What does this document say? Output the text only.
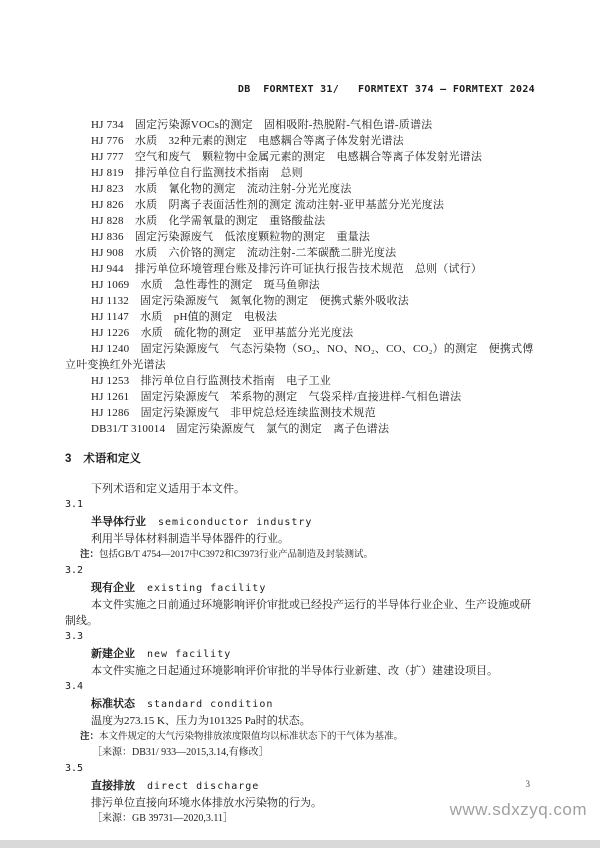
DB  FORMTEXT 31/   FORMTEXT 374 — FORMTEXT 2024

HJ 734　固定污染源VOCs的测定　固相吸附-热脱附-气相色谱-质谱法

HJ 776　水质　32种元素的测定　电感耦合等离子体发射光谱法

HJ 777　空气和废气　颗粒物中金属元素的测定　电感耦合等离子体发射光谱法

HJ 819　排污单位自行监测技术指南　总则

HJ 823　水质　氰化物的测定　流动注射-分光光度法

HJ 826　水质　阴离子表面活性剂的测定 流动注射-亚甲基蓝分光光度法

HJ 828　水质　化学需氧量的测定　重铬酸盐法

HJ 836　固定污染源废气　低浓度颗粒物的测定　重量法

HJ 908　水质　六价铬的测定　流动注射-二苯碳酰二肼光度法

HJ 944　排污单位环境管理台账及排污许可证执行报告技术规范　总则（试行）

HJ 1069　水质　急性毒性的测定　斑马鱼卵法

HJ 1132　固定污染源废气　氮氧化物的测定　便携式紫外吸收法

HJ 1147　水质　pH值的测定　电极法

HJ 1226　水质　硫化物的测定　亚甲基蓝分光光度法

HJ 1240　固定污染源废气　气态污染物（SO₂、NO、NO₂、CO、CO₂）的测定　便携式傅立叶变换红外光谱法

HJ 1253　排污单位自行监测技术指南　电子工业

HJ 1261　固定污染源废气　苯系物的测定　气袋采样/直接进样-气相色谱法

HJ 1286　固定污染源废气　非甲烷总烃连续监测技术规范

DB31/T 310014　固定污染源废气　氯气的测定　离子色谱法

3 术语和定义

下列术语和定义适用于本文件。

3.1

半导体行业 semiconductor industry

利用半导体材料制造半导体器件的行业。

注：包括GB/T 4754—2017中C3972和C3973行业产品制造及封装测试。

3.2

现有企业 existing facility

本文件实施之日前通过环境影响评价审批或已经投产运行的半导体行业企业、生产设施或研制线。

3.3

新建企业 new facility

本文件实施之日起通过环境影响评价审批的半导体行业新建、改（扩）建建设项目。

3.4

标准状态 standard condition

温度为273.15 K、压力为101325 Pa时的状态。

注：本文件规定的大气污染物排放浓度限值均以标准状态下的干气体为基准。

［来源：DB31/ 933—2015,3.14,有修改］

3.5

直接排放 direct discharge

排污单位直接向环境水体排放水污染物的行为。

［来源：GB 39731—2020,3.11］

3
www.sdxzyq.com
